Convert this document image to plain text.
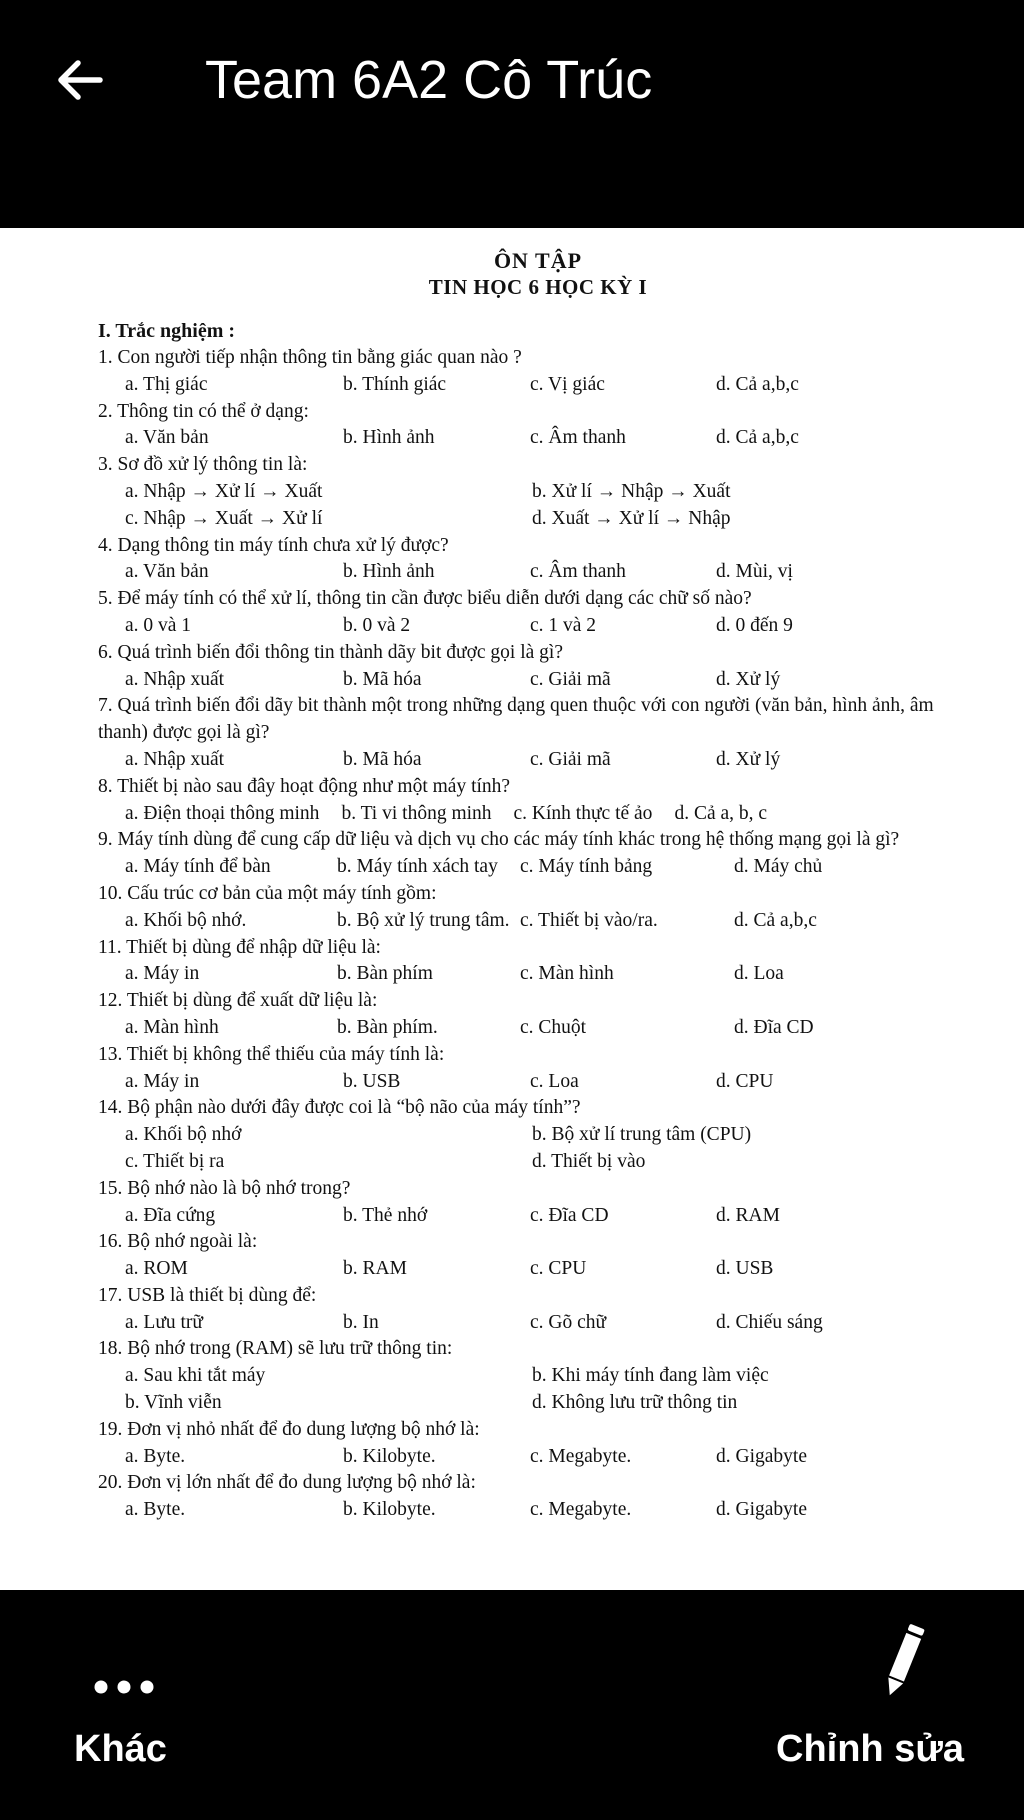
Team 6A2 Cô Trúc
ÔN TẬP
TIN HỌC 6 HỌC KỲ I
I. Trắc nghiệm :
1. Con người tiếp nhận thông tin bằng giác quan nào ?
a. Thị giác	b. Thính giác	c. Vị giác	d. Cả a,b,c
2. Thông tin có thể ở dạng:
a. Văn bản	b. Hình ảnh	c. Âm thanh	d. Cả a,b,c
3. Sơ đồ xử lý thông tin là:
a. Nhập → Xử lí → Xuất	b. Xử lí → Nhập → Xuất
c. Nhập → Xuất → Xử lí	d. Xuất → Xử lí → Nhập
4. Dạng thông tin máy tính chưa xử lý được?
a. Văn bản	b. Hình ảnh	c. Âm thanh	d. Mùi, vị
5. Để máy tính có thể xử lí, thông tin cần được biểu diễn dưới dạng các chữ số nào?
a. 0 và 1	b. 0 và 2	c. 1 và 2	d. 0 đến 9
6. Quá trình biến đổi thông tin thành dãy bit được gọi là gì?
a. Nhập xuất	b. Mã hóa	c. Giải mã	d. Xử lý
7. Quá trình biến đổi dãy bit thành một trong những dạng quen thuộc với con người (văn bản, hình ảnh, âm thanh) được gọi là gì?
a. Nhập xuất	b. Mã hóa	c. Giải mã	d. Xử lý
8. Thiết bị nào sau đây hoạt động như một máy tính?
a. Điện thoại thông minh b. Ti vi thông minh c. Kính thực tế ảo d. Cả a, b, c
9. Máy tính dùng để cung cấp dữ liệu và dịch vụ cho các máy tính khác trong hệ thống mạng gọi là gì?
a. Máy tính để bàn	b. Máy tính xách tay	c. Máy tính bảng	d. Máy chủ
10. Cấu trúc cơ bản của một máy tính gồm:
a. Khối bộ nhớ.	b. Bộ xử lý trung tâm. c. Thiết bị vào/ra.	d. Cả a,b,c
11. Thiết bị dùng để nhập dữ liệu là:
a. Máy in	b. Bàn phím	c. Màn hình	d. Loa
12. Thiết bị dùng để xuất dữ liệu là:
a. Màn hình	b. Bàn phím.	c. Chuột	d. Đĩa CD
13. Thiết bị không thể thiếu của máy tính là:
a. Máy in	b. USB	c. Loa	d. CPU
14. Bộ phận nào dưới đây được coi là “bộ não của máy tính”?
a. Khối bộ nhớ	b. Bộ xử lí trung tâm (CPU)
c. Thiết bị ra	d. Thiết bị vào
15. Bộ nhớ nào là bộ nhớ trong?
a. Đĩa cứng	b. Thẻ nhớ	c. Đĩa CD	d. RAM
16. Bộ nhớ ngoài là:
a. ROM	b. RAM	c. CPU	d. USB
17. USB là thiết bị dùng để:
a. Lưu trữ	b. In	c. Gõ chữ	d. Chiếu sáng
18. Bộ nhớ trong (RAM) sẽ lưu trữ thông tin:
a. Sau khi tắt máy	b. Khi máy tính đang làm việc
b. Vĩnh viễn	d. Không lưu trữ thông tin
19. Đơn vị nhỏ nhất để đo dung lượng bộ nhớ là:
a. Byte.	b. Kilobyte.	c. Megabyte.	d. Gigabyte
20. Đơn vị lớn nhất để đo dung lượng bộ nhớ là:
a. Byte.	b. Kilobyte.	c. Megabyte.	d. Gigabyte
Khác	Chỉnh sửa
